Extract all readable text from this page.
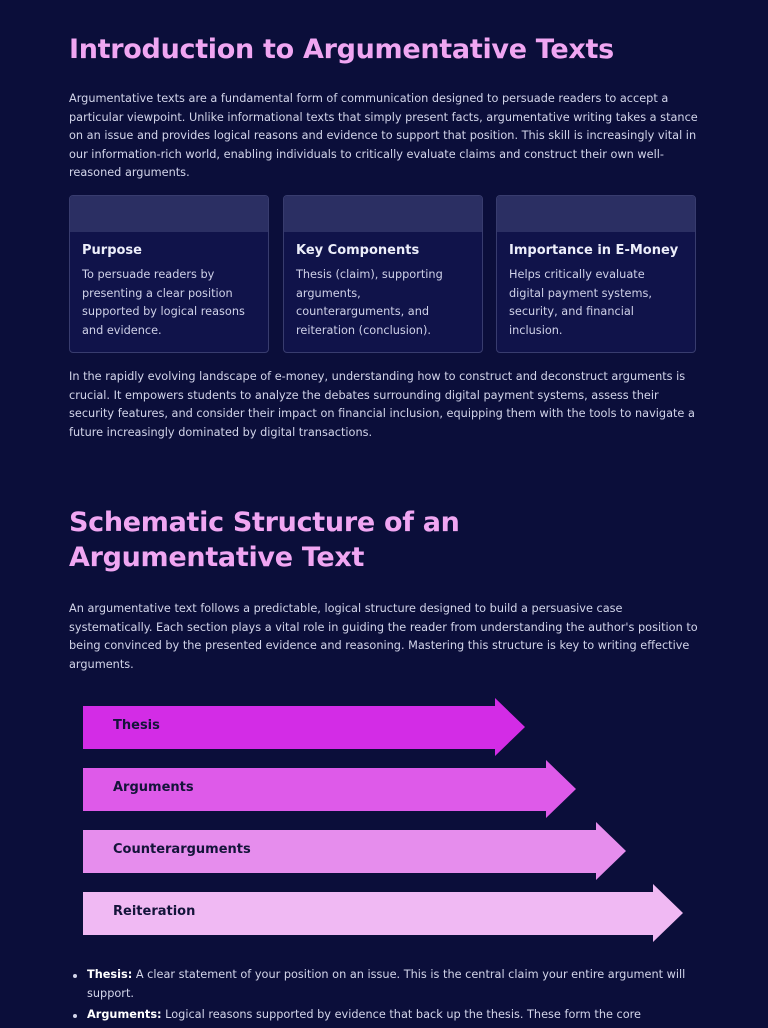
Introduction to Argumentative Texts

Argumentative texts are a fundamental form of communication designed to persuade readers to accept a particular viewpoint. Unlike informational texts that simply present facts, argumentative writing takes a stance on an issue and provides logical reasons and evidence to support that position. This skill is increasingly vital in our information-rich world, enabling individuals to critically evaluate claims and construct their own well-reasoned arguments.

Purpose
To persuade readers by presenting a clear position supported by logical reasons and evidence.
Key Components
Thesis (claim), supporting arguments, counterarguments, and reiteration (conclusion).
Importance in E-Money
Helps critically evaluate digital payment systems, security, and financial inclusion.

In the rapidly evolving landscape of e-money, understanding how to construct and deconstruct arguments is crucial. It empowers students to analyze the debates surrounding digital payment systems, assess their security features, and consider their impact on financial inclusion, equipping them with the tools to navigate a future increasingly dominated by digital transactions.

Schematic Structure of an Argumentative Text

An argumentative text follows a predictable, logical structure designed to build a persuasive case systematically. Each section plays a vital role in guiding the reader from understanding the author's position to being convinced by the presented evidence and reasoning. Mastering this structure is key to writing effective arguments.

Thesis
Arguments
Counterarguments
Reiteration
Thesis: A clear statement of your position on an issue. This is the central claim your entire argument will support.
Arguments: Logical reasons supported by evidence that back up the thesis. These form the core
